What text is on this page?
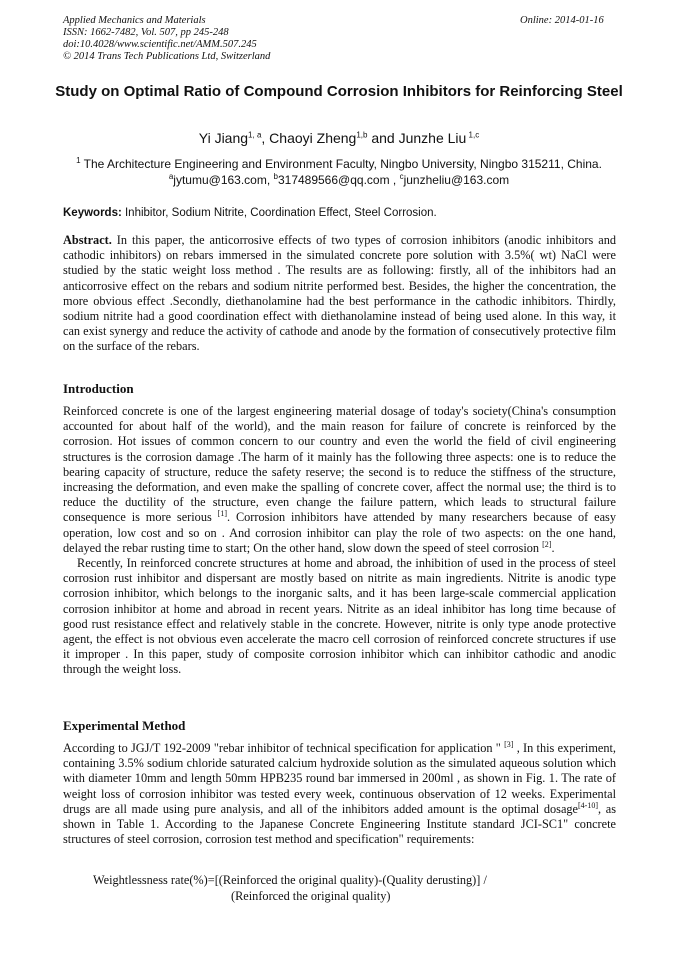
Applied Mechanics and Materials
ISSN: 1662-7482, Vol. 507, pp 245-248
doi:10.4028/www.scientific.net/AMM.507.245
© 2014 Trans Tech Publications Ltd, Switzerland
Online: 2014-01-16
Study on Optimal Ratio of Compound Corrosion Inhibitors for Reinforcing Steel
Yi Jiang$^{1, a}$, Chaoyi Zheng$^{1,b}$ and Junzhe Liu $^{1,c}$
$^1$ The Architecture Engineering and Environment Faculty, Ningbo University, Ningbo 315211, China.
$^a$jytumu@163.com, $^b$317489566@qq.com , $^c$junzheliu@163.com
Keywords: Inhibitor, Sodium Nitrite, Coordination Effect, Steel Corrosion.
Abstract. In this paper, the anticorrosive effects of two types of corrosion inhibitors (anodic inhibitors and cathodic inhibitors) on rebars immersed in the simulated concrete pore solution with 3.5%( wt) NaCl were studied by the static weight loss method . The results are as following: firstly, all of the inhibitors had an anticorrosive effect on the rebars and sodium nitrite performed best. Besides, the higher the concentration, the more obvious effect .Secondly, diethanolamine had the best performance in the cathodic inhibitors. Thirdly, sodium nitrite had a good coordination effect with diethanolamine instead of being used alone. In this way, it can exist synergy and reduce the activity of cathode and anode by the formation of consecutively protective film on the surface of the rebars.
Introduction

Reinforced concrete is one of the largest engineering material dosage of today's society(China's consumption accounted for about half of the world), and the main reason for failure of concrete is reinforced by the corrosion. Hot issues of common concern to our country and even the world the field of civil engineering structures is the corrosion damage .The harm of it mainly has the following three aspects: one is to reduce the bearing capacity of structure, reduce the safety reserve; the second is to reduce the stiffness of the structure, increasing the deformation, and even make the spalling of concrete cover, affect the normal use; the third is to reduce the ductility of the structure, even change the failure pattern, which leads to structural failure consequence is more serious [1]. Corrosion inhibitors have attended by many researchers because of easy operation, low cost and so on . And corrosion inhibitor can play the role of two aspects: on the one hand, delayed the rebar rusting time to start; On the other hand, slow down the speed of steel corrosion [2].

Recently, In reinforced concrete structures at home and abroad, the inhibition of used in the process of steel corrosion rust inhibitor and dispersant are mostly based on nitrite as main ingredients. Nitrite is anodic type corrosion inhibitor, which belongs to the inorganic salts, and it has been large-scale commercial application corrosion inhibitor at home and abroad in recent years. Nitrite as an ideal inhibitor has long time because of good rust resistance effect and relatively stable in the concrete. However, nitrite is only type anode protective agent, the effect is not obvious even accelerate the macro cell corrosion of reinforced concrete structures if use it improper . In this paper, study of composite corrosion inhibitor which can inhibitor cathodic and anodic through the weight loss.

Experimental Method

According to JGJ/T 192-2009 "rebar inhibitor of technical specification for application " [3] , In this experiment, containing 3.5% sodium chloride saturated calcium hydroxide solution as the simulated aqueous solution which with diameter 10mm and length 50mm HPB235 round bar immersed in 200ml , as shown in Fig. 1. The rate of weight loss of corrosion inhibitor was tested every week, continuous observation of 12 weeks. Experimental drugs are all made using pure analysis, and all of the inhibitors added amount is the optimal dosage[4-10], as shown in Table 1. According to the Japanese Concrete Engineering Institute standard JCI-SC1" concrete structures of steel corrosion, corrosion test method and specification" requirements:

Weightlessness rate(%)=[(Reinforced the original quality)-(Quality derusting)] /
(Reinforced the original quality)
